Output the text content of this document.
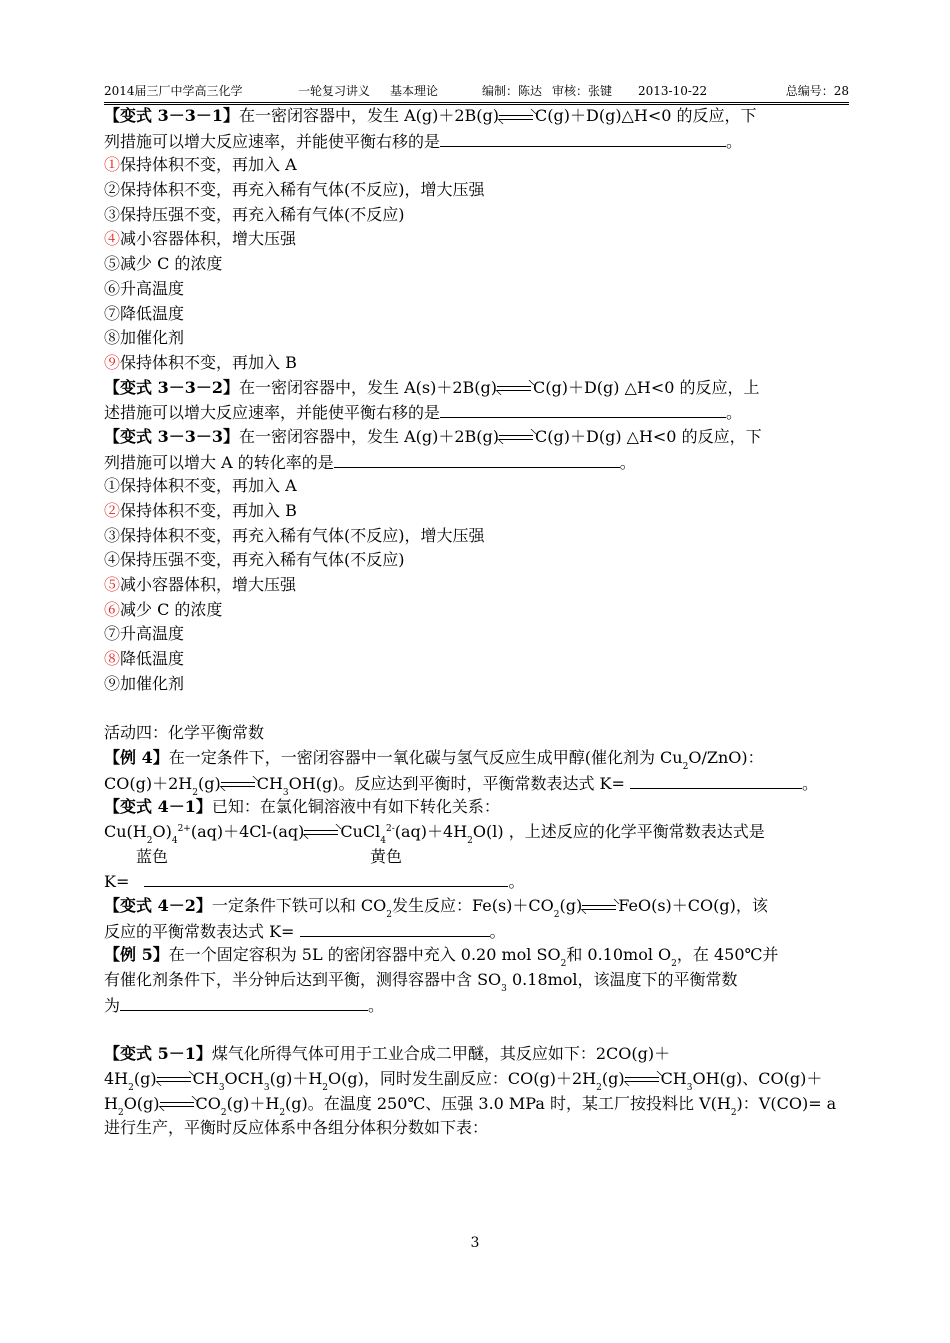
2014届三厂中学高三化学	一轮复习讲义	基本理论	编制：陈达 审核：张键	2013-10-22	总编号：28
【变式 3－3－1】在一密闭容器中，发生 A(g)＋2B(g) C(g)＋D(g)△H<0 的反应，下
列措施可以增大反应速率，并能使平衡右移的是	。
①保持体积不变，再加入 A
②保持体积不变，再充入稀有气体(不反应)，增大压强
③保持压强不变，再充入稀有气体(不反应)
④减小容器体积，增大压强
⑤减少 C 的浓度
⑥升高温度
⑦降低温度
⑧加催化剂
⑨保持体积不变，再加入 B
【变式 3－3－2】在一密闭容器中，发生 A(s)＋2B(g) C(g)＋D(g) △H<0 的反应，上
述措施可以增大反应速率，并能使平衡右移的是	。
【变式 3－3－3】在一密闭容器中，发生 A(g)＋2B(g) C(g)＋D(g) △H<0 的反应，下
列措施可以增大 A 的转化率的是	。
①保持体积不变，再加入 A
②保持体积不变，再加入 B
③保持体积不变，再充入稀有气体(不反应)，增大压强
④保持压强不变，再充入稀有气体(不反应)
⑤减小容器体积，增大压强
⑥减少 C 的浓度
⑦升高温度
⑧降低温度
⑨加催化剂
活动四：化学平衡常数
【例 4】在一定条件下，一密闭容器中一氧化碳与氢气反应生成甲醇(催化剂为 $Cu_2O/ZnO$)：
$CO(g)+2H_2(g)$ $CH_3OH(g)$。反应达到平衡时，平衡常数表达式 K=	。
【变式 4－1】已知：在氯化铜溶液中有如下转化关系：
$Cu(H_2O)_4^{2+}(aq)+4Cl-(aq)$ $CuCl_4^{2-}(aq)+4H_2O(l)$ ，上述反应的化学平衡常数表达式是
蓝色	黄色
K=	。
【变式 4－2】一定条件下铁可以和 $CO_2$发生反应：$Fe(s)+CO_2(g)$ FeO(s)＋CO(g)，该
反应的平衡常数表达式 K=	。
【例 5】在一个固定容积为 5L 的密闭容器中充入 0.20 mol $SO_2$和 0.10mol $O_2$，在 450℃并
有催化剂条件下，半分钟后达到平衡，测得容器中含 $SO_3$ 0.18mol，该温度下的平衡常数
为	。
【变式 5－1】煤气化所得气体可用于工业合成二甲醚，其反应如下：2CO(g)＋
$4H_2(g)$ $CH_3OCH_3(g)+H_2O(g)$，同时发生副反应：$CO(g)+2H_2(g)$ $CH_3OH(g)$、CO(g)＋
$H_2O(g)$ $CO_2(g)+H_2(g)$。在温度 250℃、压强 3.0 MPa 时，某工厂按投料比 $V(H_2)$：V(CO)= a
进行生产，平衡时反应体系中各组分体积分数如下表：
3
